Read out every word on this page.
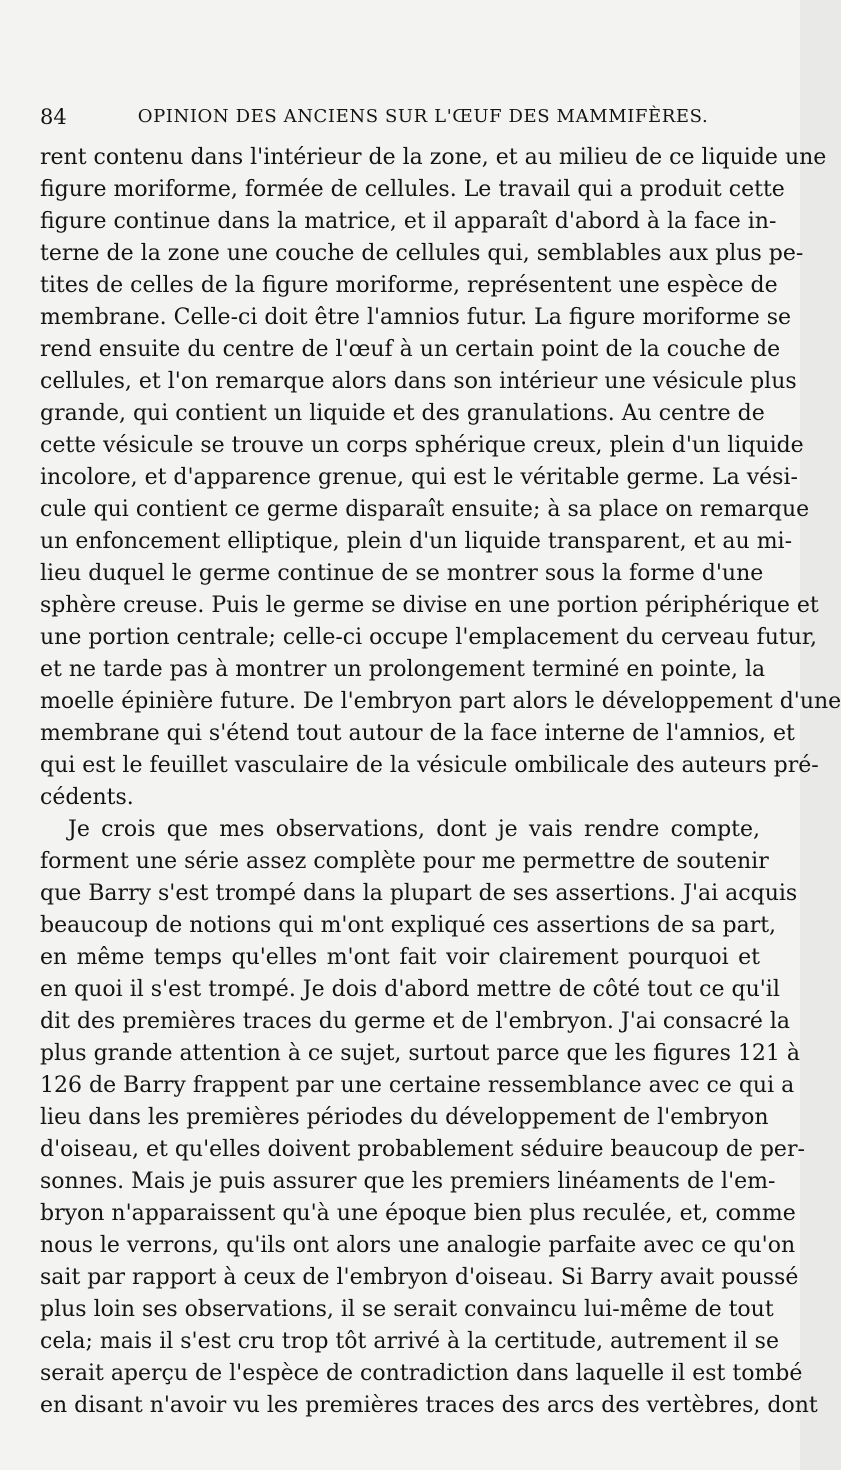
84	OPINION DES ANCIENS SUR L'ŒUF DES MAMMIFÈRES.
rent contenu dans l'intérieur de la zone, et au milieu de ce liquide une
figure moriforme, formée de cellules. Le travail qui a produit cette
figure continue dans la matrice, et il apparaît d'abord à la face in-
terne de la zone une couche de cellules qui, semblables aux plus pe-
tites de celles de la figure moriforme, représentent une espèce de
membrane. Celle-ci doit être l'amnios futur. La figure moriforme se
rend ensuite du centre de l'œuf à un certain point de la couche de
cellules, et l'on remarque alors dans son intérieur une vésicule plus
grande, qui contient un liquide et des granulations. Au centre de
cette vésicule se trouve un corps sphérique creux, plein d'un liquide
incolore, et d'apparence grenue, qui est le véritable germe. La vési-
cule qui contient ce germe disparaît ensuite; à sa place on remarque
un enfoncement elliptique, plein d'un liquide transparent, et au mi-
lieu duquel le germe continue de se montrer sous la forme d'une
sphère creuse. Puis le germe se divise en une portion périphérique et
une portion centrale; celle-ci occupe l'emplacement du cerveau futur,
et ne tarde pas à montrer un prolongement terminé en pointe, la
moelle épinière future. De l'embryon part alors le développement d'une
membrane qui s'étend tout autour de la face interne de l'amnios, et
qui est le feuillet vasculaire de la vésicule ombilicale des auteurs pré-
cédents.
Je crois que mes observations, dont je vais rendre compte,
forment une série assez complète pour me permettre de soutenir
que Barry s'est trompé dans la plupart de ses assertions. J'ai acquis
beaucoup de notions qui m'ont expliqué ces assertions de sa part,
en même temps qu'elles m'ont fait voir clairement pourquoi et
en quoi il s'est trompé. Je dois d'abord mettre de côté tout ce qu'il
dit des premières traces du germe et de l'embryon. J'ai consacré la
plus grande attention à ce sujet, surtout parce que les figures 121 à
126 de Barry frappent par une certaine ressemblance avec ce qui a
lieu dans les premières périodes du développement de l'embryon
d'oiseau, et qu'elles doivent probablement séduire beaucoup de per-
sonnes. Mais je puis assurer que les premiers linéaments de l'em-
bryon n'apparaissent qu'à une époque bien plus reculée, et, comme
nous le verrons, qu'ils ont alors une analogie parfaite avec ce qu'on
sait par rapport à ceux de l'embryon d'oiseau. Si Barry avait poussé
plus loin ses observations, il se serait convaincu lui-même de tout
cela; mais il s'est cru trop tôt arrivé à la certitude, autrement il se
serait aperçu de l'espèce de contradiction dans laquelle il est tombé
en disant n'avoir vu les premières traces des arcs des vertèbres, dont
